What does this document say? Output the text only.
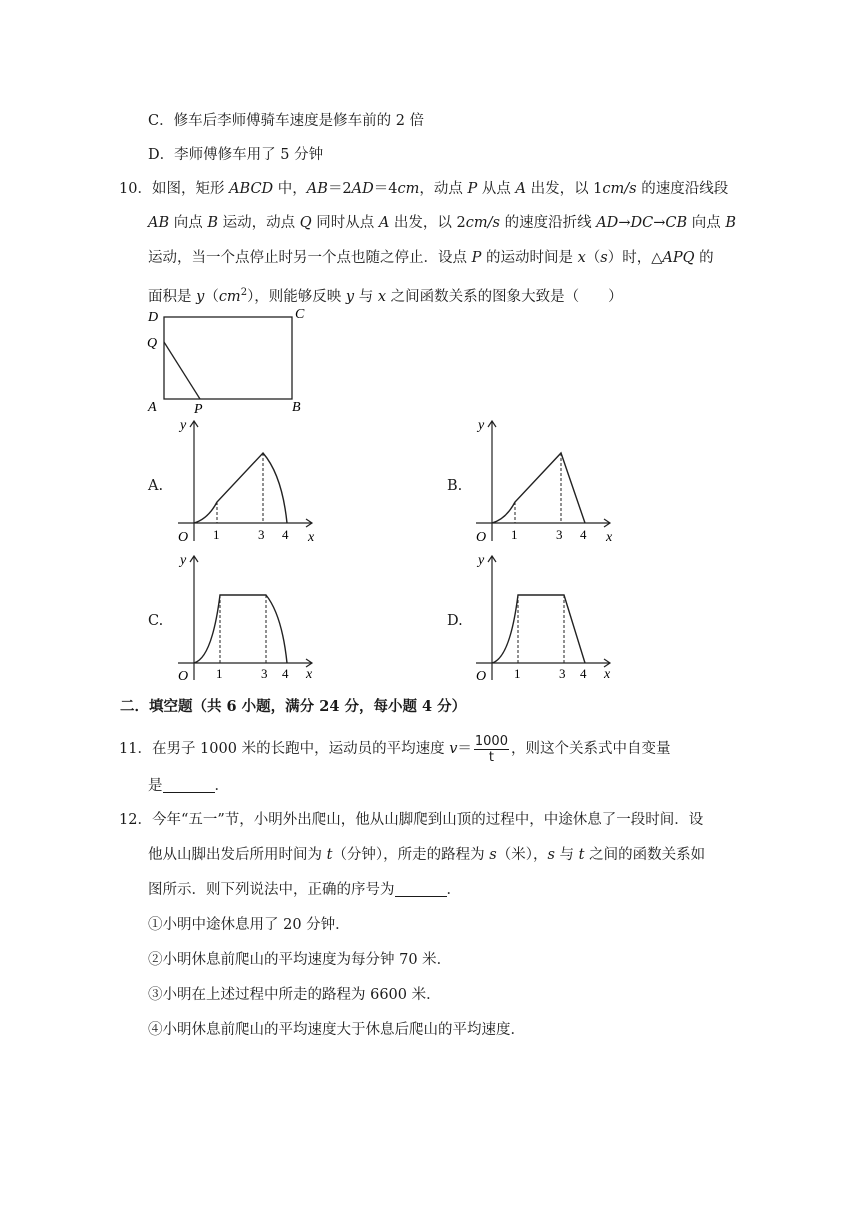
C．修车后李师傅骑车速度是修车前的 2 倍
D．李师傅修车用了 5 分钟
10．如图，矩形 ABCD 中，AB＝2AD＝4cm，动点 P 从点 A 出发，以 1cm/s 的速度沿线段
AB 向点 B 运动，动点 Q 同时从点 A 出发，以 2cm/s 的速度沿折线 AD→DC→CB 向点 B
运动，当一个点停止时另一个点也随之停止．设点 P 的运动时间是 x（s）时，△APQ 的
面积是 $y(cm^2)$，则能够反映 y 与 x 之间函数关系的图象大致是（　　）
D	C
Q
A	P	B
A.	B.
C.	D.
y
O 1	3 4 x
y
O 1	3 4 x
y
O 1	3 4 x
y
O 1	3 4 x
二．填空题（共 6 小题，满分 24 分，每小题 4 分）
11．在男子 1000 米的长跑中，运动员的平均速度 $v= \frac{1000}{t}$ ，则这个关系式中自变量
是	．
12．今年“五一”节，小明外出爬山，他从山脚爬到山顶的过程中，中途休息了一段时间．设
他从山脚出发后所用时间为 t（分钟），所走的路程为 s（米），s 与 t 之间的函数关系如
图所示．则下列说法中，正确的序号为	．
①小明中途休息用了 20 分钟．
②小明休息前爬山的平均速度为每分钟 70 米．
③小明在上述过程中所走的路程为 6600 米．
④小明休息前爬山的平均速度大于休息后爬山的平均速度．
